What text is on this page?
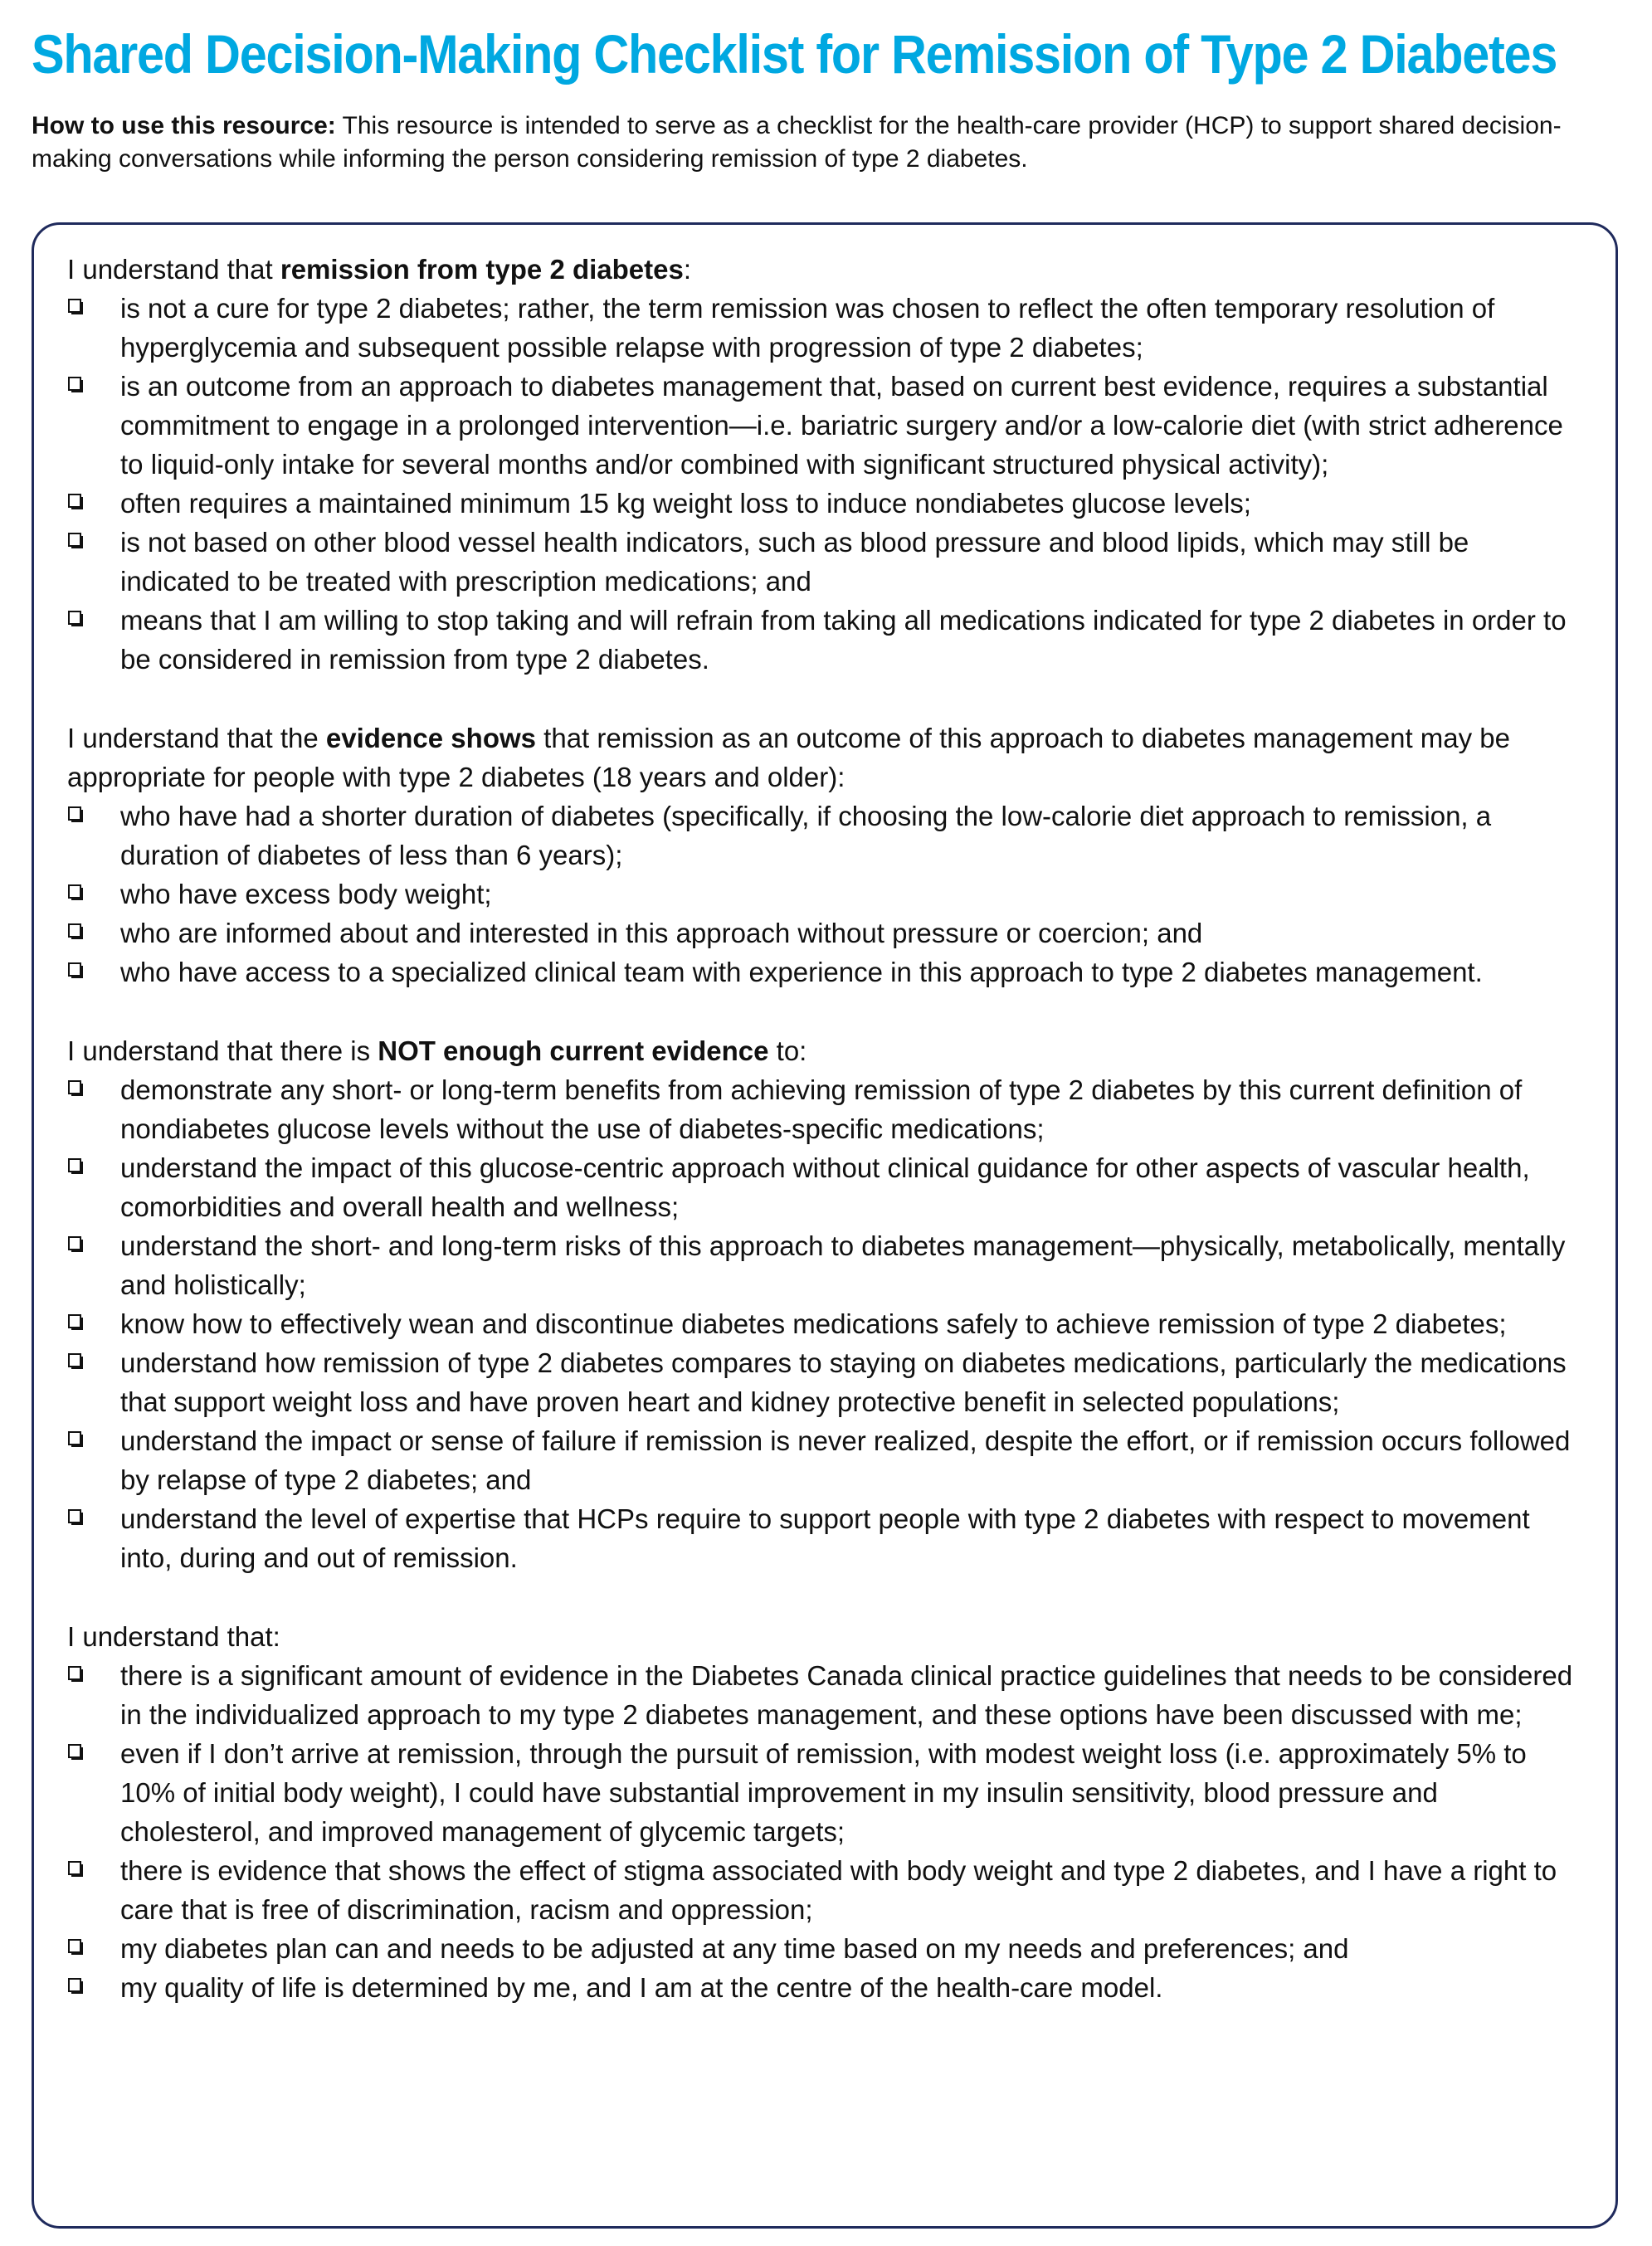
Shared Decision-Making Checklist for Remission of Type 2 Diabetes

How to use this resource: This resource is intended to serve as a checklist for the health-care provider (HCP) to support shared decision-making conversations while informing the person considering remission of type 2 diabetes.

I understand that remission from type 2 diabetes:

is not a cure for type 2 diabetes; rather, the term remission was chosen to reflect the often temporary resolution of hyperglycemia and subsequent possible relapse with progression of type 2 diabetes;
is an outcome from an approach to diabetes management that, based on current best evidence, requires a substantial commitment to engage in a prolonged intervention—i.e. bariatric surgery and/or a low-calorie diet (with strict adherence to liquid-only intake for several months and/or combined with significant structured physical activity);
often requires a maintained minimum 15 kg weight loss to induce nondiabetes glucose levels;
is not based on other blood vessel health indicators, such as blood pressure and blood lipids, which may still be indicated to be treated with prescription medications; and
means that I am willing to stop taking and will refrain from taking all medications indicated for type 2 diabetes in order to be considered in remission from type 2 diabetes.

I understand that the evidence shows that remission as an outcome of this approach to diabetes management may be appropriate for people with type 2 diabetes (18 years and older):

who have had a shorter duration of diabetes (specifically, if choosing the low-calorie diet approach to remission, a duration of diabetes of less than 6 years);
who have excess body weight;
who are informed about and interested in this approach without pressure or coercion; and
who have access to a specialized clinical team with experience in this approach to type 2 diabetes management.

I understand that there is NOT enough current evidence to:

demonstrate any short- or long-term benefits from achieving remission of type 2 diabetes by this current definition of nondiabetes glucose levels without the use of diabetes-specific medications;
understand the impact of this glucose-centric approach without clinical guidance for other aspects of vascular health, comorbidities and overall health and wellness;
understand the short- and long-term risks of this approach to diabetes management—physically, metabolically, mentally and holistically;
know how to effectively wean and discontinue diabetes medications safely to achieve remission of type 2 diabetes;
understand how remission of type 2 diabetes compares to staying on diabetes medications, particularly the medications that support weight loss and have proven heart and kidney protective benefit in selected populations;
understand the impact or sense of failure if remission is never realized, despite the effort, or if remission occurs followed by relapse of type 2 diabetes; and
understand the level of expertise that HCPs require to support people with type 2 diabetes with respect to movement into, during and out of remission.

I understand that:

there is a significant amount of evidence in the Diabetes Canada clinical practice guidelines that needs to be considered in the individualized approach to my type 2 diabetes management, and these options have been discussed with me;
even if I don’t arrive at remission, through the pursuit of remission, with modest weight loss (i.e. approximately 5% to 10% of initial body weight), I could have substantial improvement in my insulin sensitivity, blood pressure and cholesterol, and improved management of glycemic targets;
there is evidence that shows the effect of stigma associated with body weight and type 2 diabetes, and I have a right to care that is free of discrimination, racism and oppression;
my diabetes plan can and needs to be adjusted at any time based on my needs and preferences; and
my quality of life is determined by me, and I am at the centre of the health-care model.
